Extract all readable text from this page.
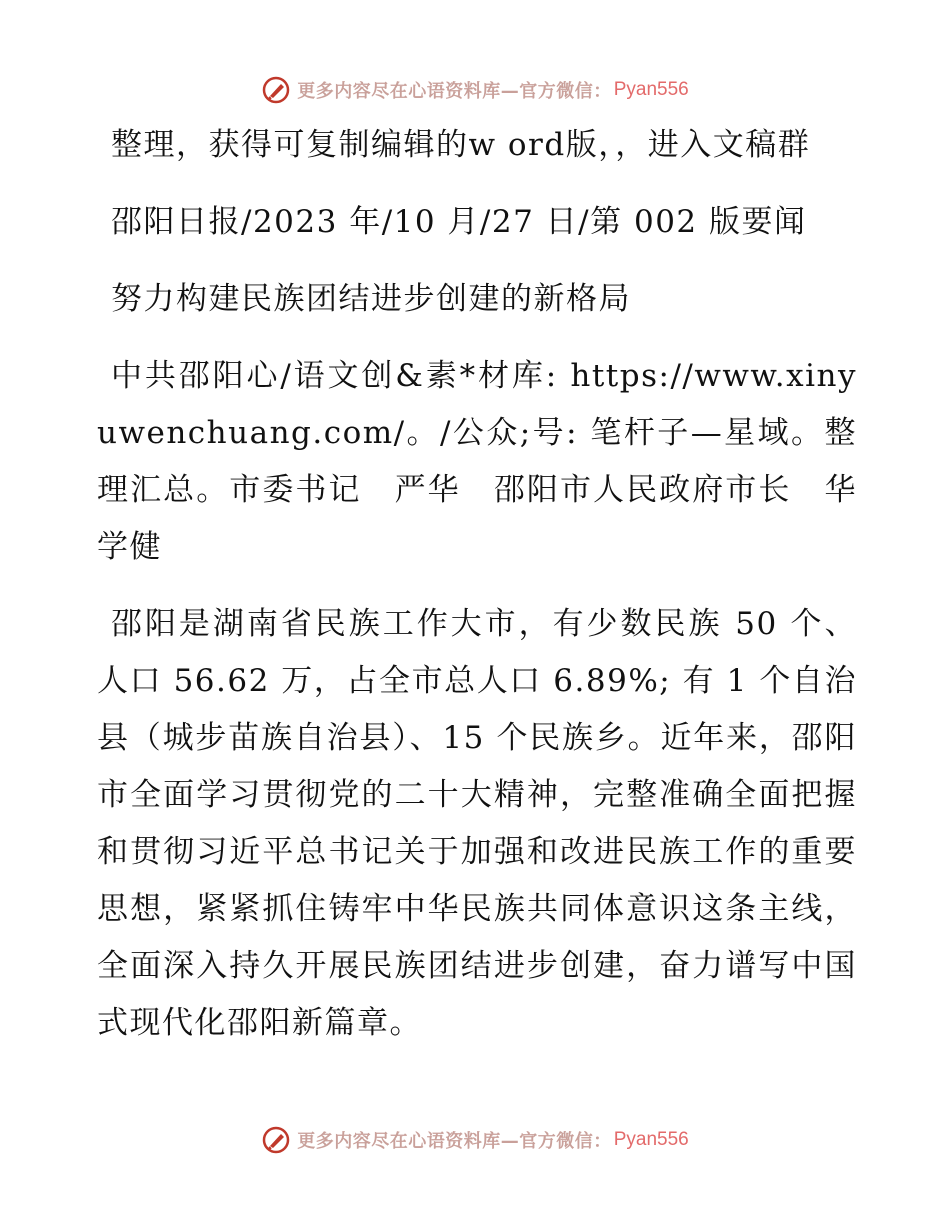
更多内容尽在心语资料库—官方微信： Pyan556

整理，获得可复制编辑的w ord版，，进入文稿群

邵阳日报/2023 年/10 月/27 日/第 002 版要闻

努力构建民族团结进步创建的新格局

中共邵阳心/语文创&素*材库: https://www.xinyuwenchuang.com/。/公众;号: 笔杆子—星域。整理汇总。市委书记　严华　邵阳市人民政府市长　华学健

邵阳是湖南省民族工作大市，有少数民族 50 个、人口 56.62 万，占全市总人口 6.89%; 有 1 个自治县（城步苗族自治县）、15 个民族乡。近年来，邵阳市全面学习贯彻党的二十大精神，完整准确全面把握和贯彻习近平总书记关于加强和改进民族工作的重要思想，紧紧抓住铸牢中华民族共同体意识这条主线，全面深入持久开展民族团结进步创建，奋力谱写中国式现代化邵阳新篇章。

更多内容尽在心语资料库—官方微信： Pyan556
